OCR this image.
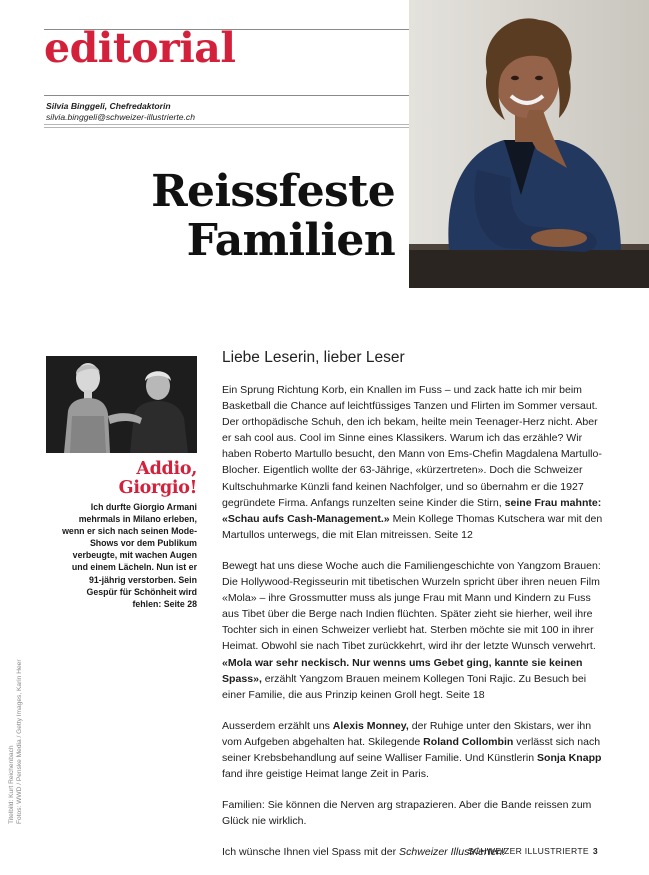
editorial
Silvia Binggeli, Chefredaktorin
silvia.binggeli@schweizer-illustrierte.ch
Reissfeste
Familien
Addio,
Giorgio!

Ich durfte Giorgio Armani mehrmals in Milano erleben, wenn er sich nach seinen Mode-Shows vor dem Publikum verbeugte, mit wachen Augen und einem Lächeln. Nun ist er 91-jährig verstorben. Sein Gespür für Schönheit wird fehlen: Seite 28

Titelbild: Kurt Reichenbach Fotos: WWD / Penske Media / Getty Images, Karin Heer
Liebe Leserin, lieber Leser

Ein Sprung Richtung Korb, ein Knallen im Fuss – und zack hatte ich mir beim Basketball die Chance auf leichtfüssiges Tanzen und Flirten im Sommer versaut. Der orthopädische Schuh, den ich bekam, heilte mein Teenager-Herz nicht. Aber er sah cool aus. Cool im Sinne eines Klassikers. Warum ich das erzähle? Wir haben Roberto Martullo besucht, den Mann von Ems-Chefin Magdalena Martullo-Blocher. Eigentlich wollte der 63-Jährige, «kürzertreten». Doch die Schweizer Kultschuhmarke Künzli fand keinen Nachfolger, und so übernahm er die 1927 gegründete Firma. Anfangs runzelten seine Kinder die Stirn, seine Frau mahnte: «Schau aufs Cash-Management.» Mein Kollege Thomas Kutschera war mit den Martullos unterwegs, die mit Elan mitreissen. Seite 12

Bewegt hat uns diese Woche auch die Familiengeschichte von Yangzom Brauen: Die Hollywood-Regisseurin mit tibetischen Wurzeln spricht über ihren neuen Film «Mola» – ihre Grossmutter muss als junge Frau mit Mann und Kindern zu Fuss aus Tibet über die Berge nach Indien flüchten. Später zieht sie hierher, weil ihre Tochter sich in einen Schweizer verliebt hat. Sterben möchte sie mit 100 in ihrer Heimat. Obwohl sie nach Tibet zurückkehrt, wird ihr der letzte Wunsch verwehrt. «Mola war sehr neckisch. Nur wenns ums Gebet ging, kannte sie keinen Spass», erzählt Yangzom Brauen meinem Kollegen Toni Rajic. Zu Besuch bei einer Familie, die aus Prinzip keinen Groll hegt. Seite 18

Ausserdem erzählt uns Alexis Monney, der Ruhige unter den Skistars, wer ihn vom Aufgeben abgehalten hat. Skilegende Roland Collombin verlässt sich nach seiner Krebsbehandlung auf seine Walliser Familie. Und Künstlerin Sonja Knapp fand ihre geistige Heimat lange Zeit in Paris.

Familien: Sie können die Nerven arg strapazieren. Aber die Bande reissen zum Glück nie wirklich.

Ich wünsche Ihnen viel Spass mit der Schweizer Illustrierten!

SCHWEIZER ILLUSTRIERTE 3
